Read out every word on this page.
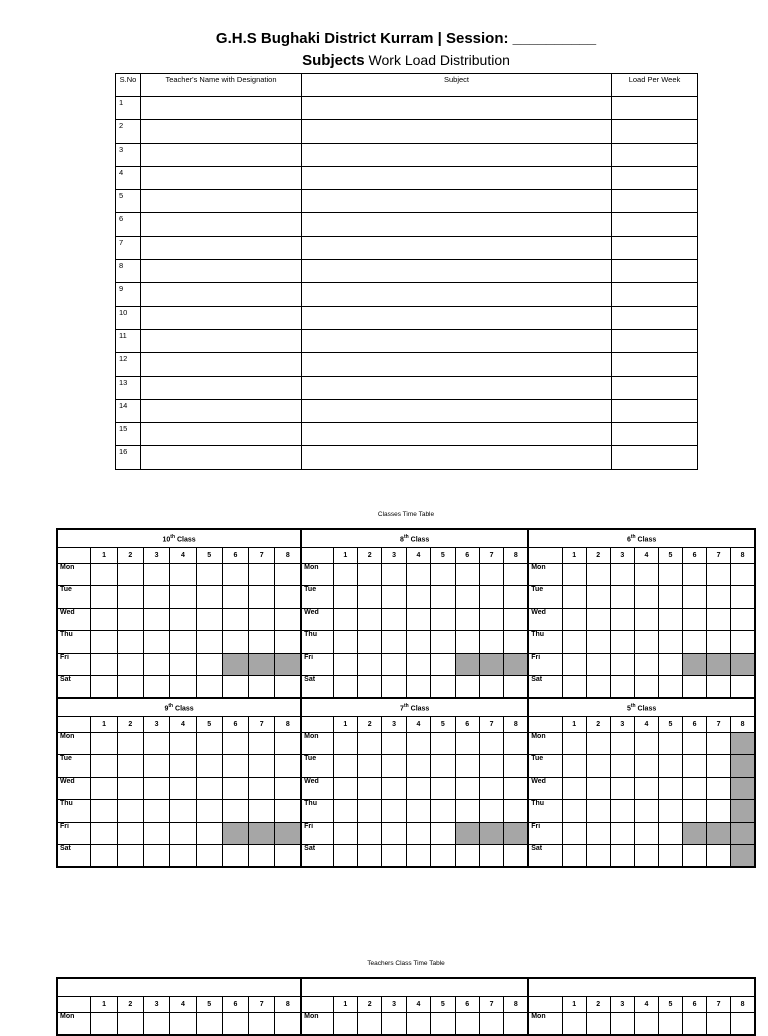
G.H.S Bughaki District Kurram | Session: __________
Subjects Work Load Distribution
S.No	Teacher's Name with Designation	Subject	Load Per Week
1			
2			
3			
4			
5			
6			
7			
8			
9			
10			
11			
12			
13			
14			
15			
16			
Classes Time Table
10th Class									8th Class									6th Class								
	1	2	3	4	5	6	7	8		1	2	3	4	5	6	7	8		1	2	3	4	5	6	7	8
Mon									Mon									Mon								
Tue									Tue									Tue								
Wed									Wed									Wed								
Thu									Thu									Thu								
Fri									Fri									Fri								
Sat									Sat									Sat								
9th Class									7th Class									5th Class								
	1	2	3	4	5	6	7	8		1	2	3	4	5	6	7	8		1	2	3	4	5	6	7	8
Mon									Mon									Mon								
Tue									Tue									Tue								
Wed									Wed									Wed								
Thu									Thu									Thu								
Fri									Fri									Fri								
Sat									Sat									Sat								
Teachers Class Time Table

	1	2	3	4	5	6	7	8		1	2	3	4	5	6	7	8		1	2	3	4	5	6	7	8
Mon									Mon									Mon								
